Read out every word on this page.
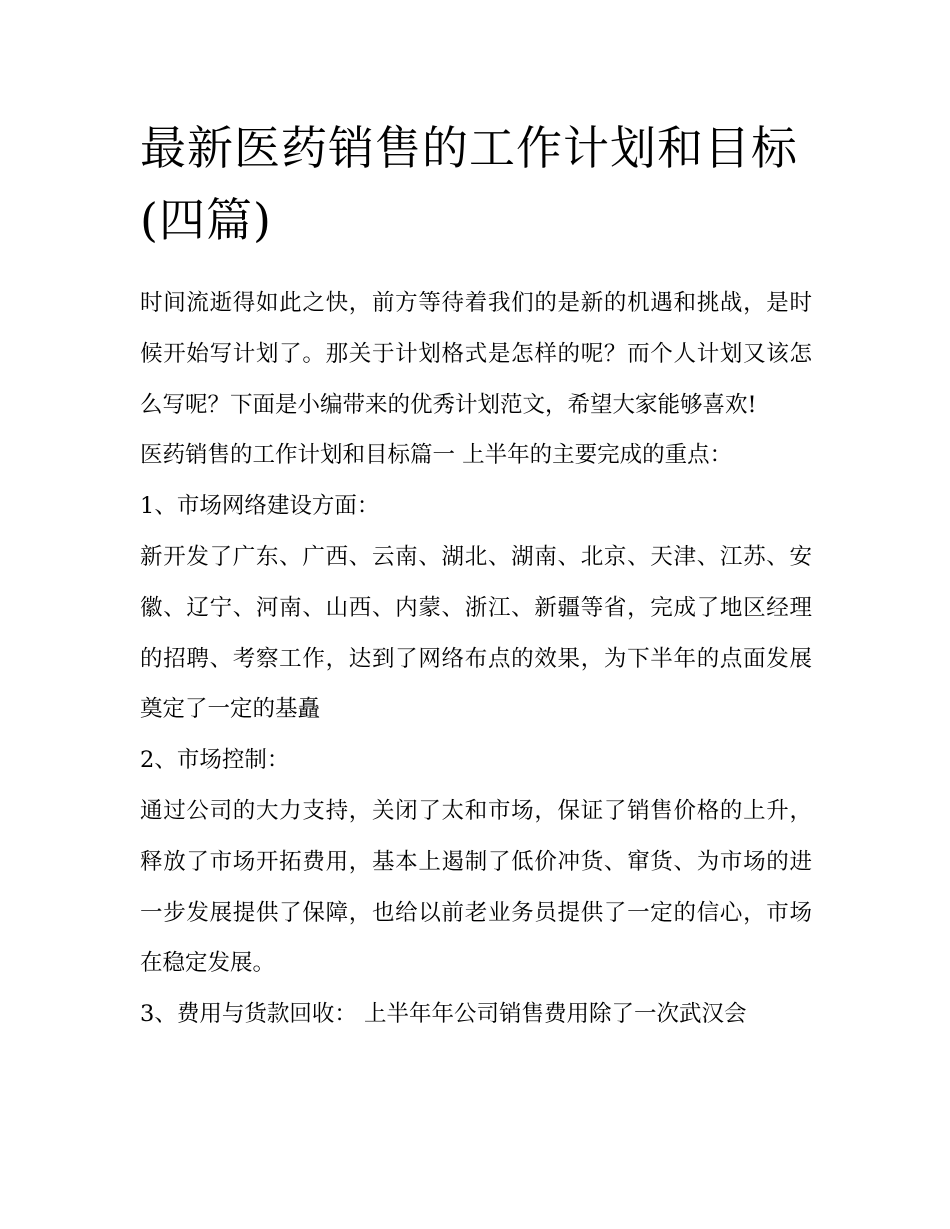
最新医药销售的工作计划和目标(四篇)

时间流逝得如此之快，前方等待着我们的是新的机遇和挑战，是时候开始写计划了。那关于计划格式是怎样的呢？而个人计划又该怎么写呢？下面是小编带来的优秀计划范文，希望大家能够喜欢!

医药销售的工作计划和目标篇一 上半年的主要完成的重点：

1、市场网络建设方面：

新开发了广东、广西、云南、湖北、湖南、北京、天津、江苏、安徽、辽宁、河南、山西、内蒙、浙江、新疆等省，完成了地区经理的招聘、考察工作，达到了网络布点的效果，为下半年的点面发展奠定了一定的基矗

2、市场控制：

通过公司的大力支持，关闭了太和市场，保证了销售价格的上升，释放了市场开拓费用，基本上遏制了低价冲货、窜货、为市场的进一步发展提供了保障，也给以前老业务员提供了一定的信心，市场在稳定发展。

3、费用与货款回收： 上半年年公司销售费用除了一次武汉会
